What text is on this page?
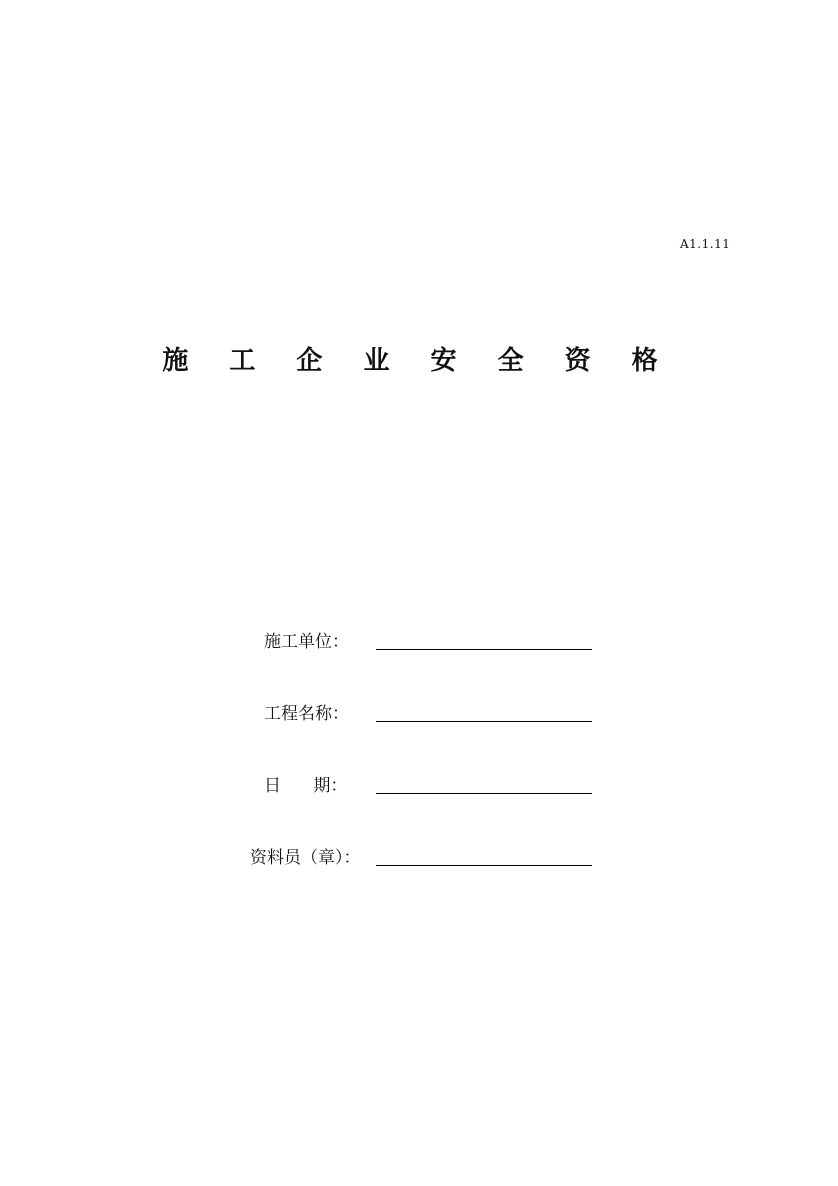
A1.1.11
施 工 企 业 安 全 资 格
施工单位：
工程名称：
日      期：
资料员（章）：
